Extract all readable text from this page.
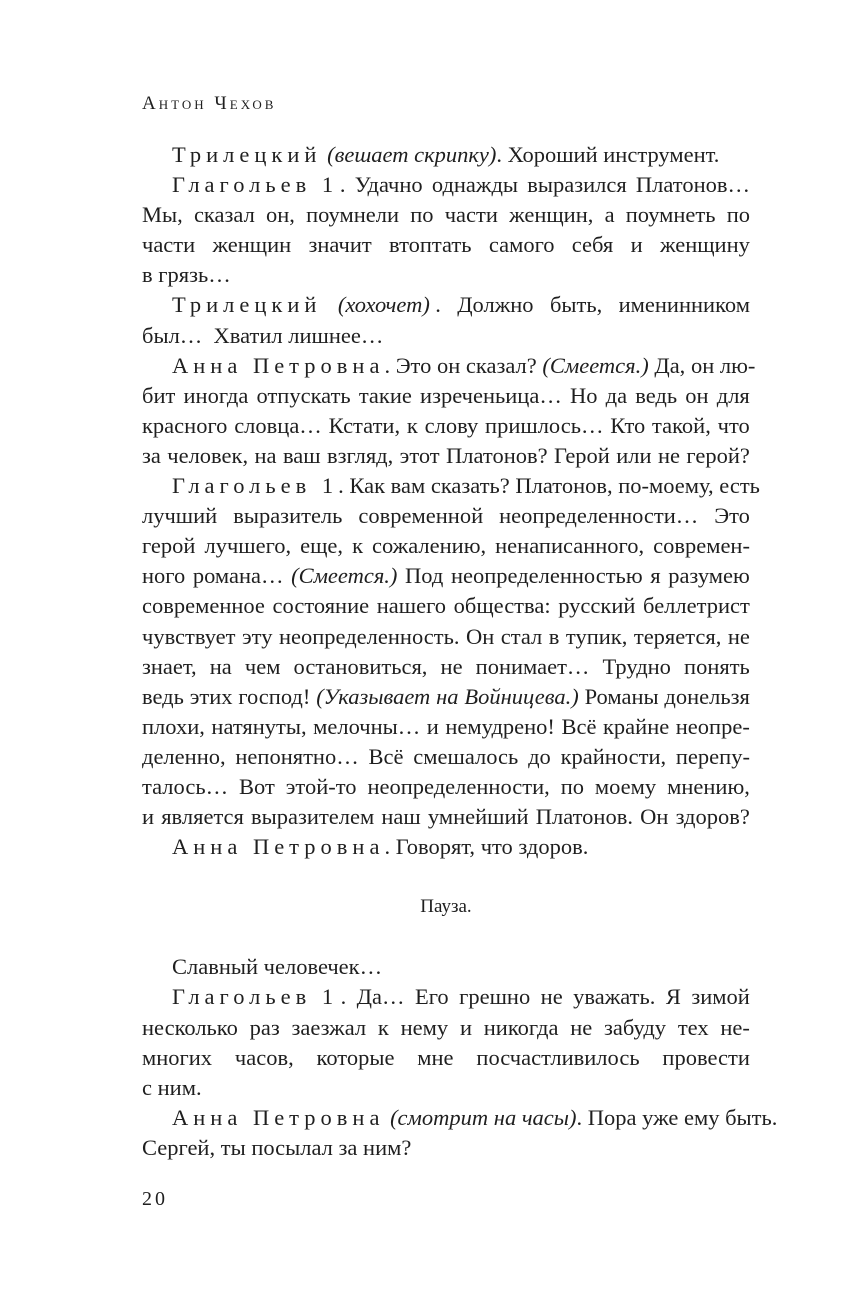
Антон Чехов
Трилецкий
(вешает
скрипку) .
Хороший
инструмент.
Глагольев 1 .
Удачно
однажды
выразился
Платонов…
Мы,
сказал
он,
поумнели
по
части
женщин,
а
поумнеть
по
части
женщин
значит
втоптать
самого
себя
и
женщину
в
грязь…
Трилецкий
(хохочет) .
Должно
быть,
именинником
был…
Хватил
лишнее…
Анна Петровна .
Это
он
сказал?
(Смеется.)
Да,
он
лю-
бит
иногда
отпускать
такие
изреченьица…
Но
да
ведь
он
для
красного
словца…
Кстати,
к
слову
пришлось…
Кто
такой,
что
за
человек,
на
ваш
взгляд,
этот
Платонов?
Герой
или
не
герой?
Глагольев 1 .
Как
вам
сказать?
Платонов,
по-моему,
есть
лучший
выразитель
современной
неопределенности…
Это
герой
лучшего,
еще,
к
сожалению,
ненаписанного,
современ-
ного
романа…
(Смеется.)
Под
неопределенностью
я
разумею
современное
состояние
нашего
общества:
русский
беллетрист
чувствует
эту
неопределенность.
Он
стал
в
тупик,
теряется,
не
знает,
на
чем
остановиться,
не
понимает…
Трудно
понять
ведь
этих
господ!
(Указывает
на
Войницева.)
Романы
донельзя
плохи,
натянуты,
мелочны…
и
немудрено!
Всё
крайне
неопре-
деленно,
непонятно…
Всё
смешалось
до
крайности,
перепу-
талось…
Вот
этой-то
неопределенности,
по
моему
мнению,
и
является
выразителем
наш
умнейший
Платонов.
Он
здоров?
Анна Петровна .
Говорят,
что
здоров.
Пауза.
Славный
человечек…
Глагольев 1 .
Да…
Его
грешно
не
уважать.
Я
зимой
несколько
раз
заезжал
к
нему
и
никогда
не
забуду
тех
не-
многих
часов,
которые
мне
посчастливилось
провести
с
ним.
Анна Петровна
(смотрит
на
часы) .
Пора
уже
ему
быть.
Сергей,
ты
посылал
за
ним?
20
